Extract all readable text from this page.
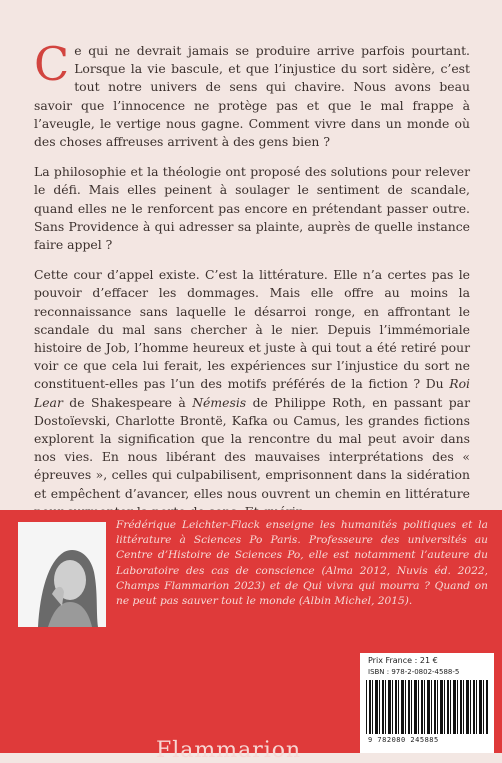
Ce qui ne devrait jamais se produire arrive parfois pourtant. Lorsque la vie bascule, et que l’injustice du sort sidère, c’est tout notre univers de sens qui chavire. Nous avons beau savoir que l’innocence ne protège pas et que le mal frappe à l’aveugle, le vertige nous gagne. Comment vivre dans un monde où des choses affreuses arrivent à des gens bien ?

La philosophie et la théologie ont proposé des solutions pour relever le défi. Mais elles peinent à soulager le sentiment de scandale, quand elles ne le renforcent pas encore en prétendant passer outre. Sans Providence à qui adresser sa plainte, auprès de quelle instance faire appel ?

Cette cour d’appel existe. C’est la littérature. Elle n’a certes pas le pouvoir d’effacer les dommages. Mais elle offre au moins la reconnaissance sans laquelle le désarroi ronge, en affrontant le scandale du mal sans chercher à le nier. Depuis l’immémoriale histoire de Job, l’homme heureux et juste à qui tout a été retiré pour voir ce que cela lui ferait, les expériences sur l’injustice du sort ne constituent-elles pas l’un des motifs préférés de la fiction ? Du Roi Lear de Shakespeare à Némesis de Philippe Roth, en passant par Dostoïevski, Charlotte Brontë, Kafka ou Camus, les grandes fictions explorent la signification que la rencontre du mal peut avoir dans nos vies. En nous libérant des mauvaises interprétations des « épreuves », celles qui culpabilisent, emprisonnent dans la sidération et empêchent d’avancer, elles nous ouvrent un chemin en littérature

Frédérique Leichter-Flack enseigne les humanités politiques et la littérature à Sciences Po Paris. Professeure des universités au Centre d’Histoire de Sciences Po, elle est notamment l’auteure du Laboratoire des cas de conscience (Alma 2012, Nuvis éd. 2022, Champs Flammarion 2023) et de Qui vivra qui mourra ? Quand on ne peut pas sauver tout le monde (Albin Michel, 2015).
Prix France : 21 €
ISBN : 978-2-0802-4588-5
9 782080 245885
Flammarion
